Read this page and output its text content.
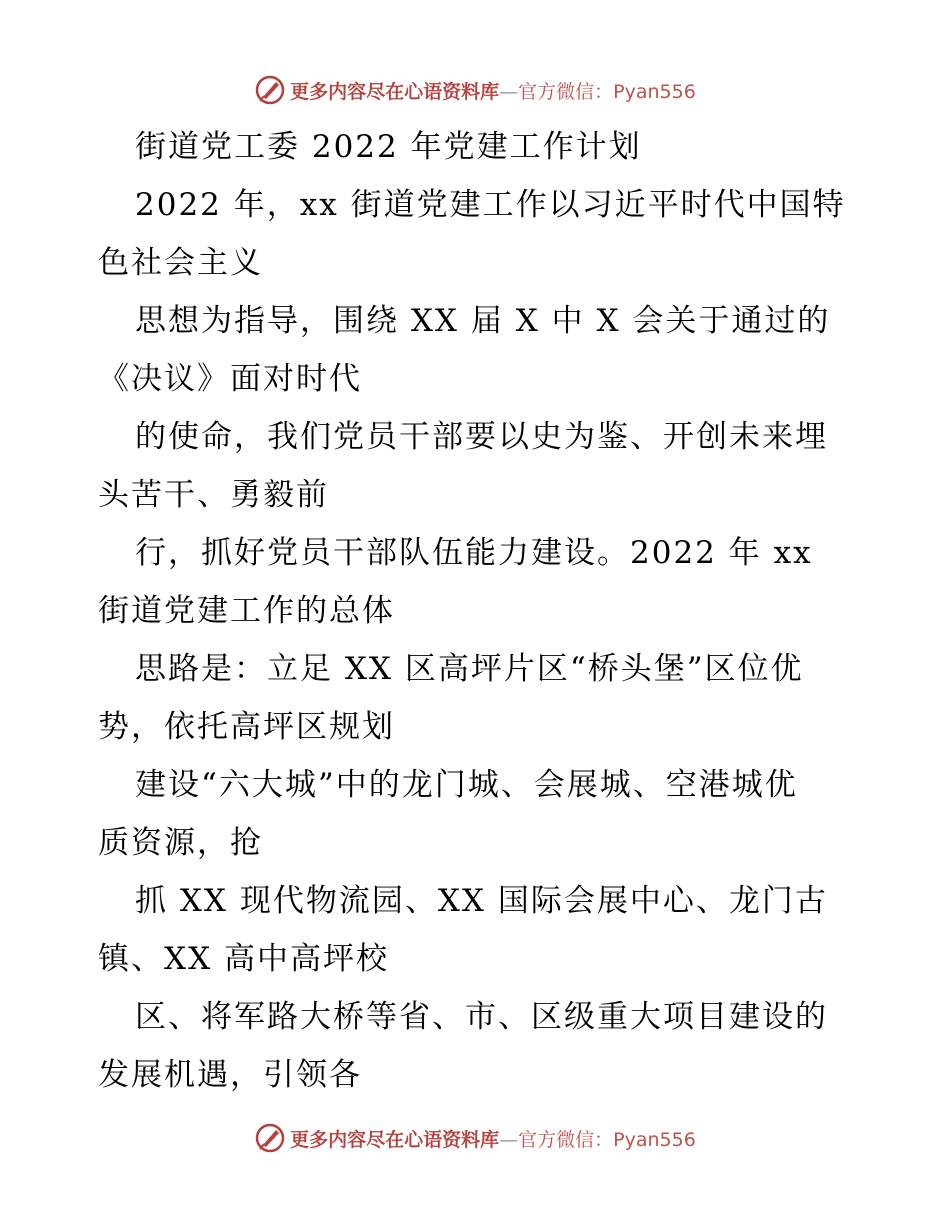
更多内容尽在心语资料库—官方微信：Pyan556
街道党工委 2022 年党建工作计划
2022 年，xx 街道党建工作以习近平时代中国特
色社会主义
思想为指导，围绕 XX 届 X 中 X 会关于通过的
《决议》面对时代
的使命，我们党员干部要以史为鉴、开创未来埋
头苦干、勇毅前
行，抓好党员干部队伍能力建设。2022 年 xx
街道党建工作的总体
思路是：立足 XX 区高坪片区“桥头堡”区位优
势，依托高坪区规划
建设“六大城”中的龙门城、会展城、空港城优
质资源，抢
抓 XX 现代物流园、XX 国际会展中心、龙门古
镇、XX 高中高坪校
区、将军路大桥等省、市、区级重大项目建设的
发展机遇，引领各
更多内容尽在心语资料库—官方微信：Pyan556
